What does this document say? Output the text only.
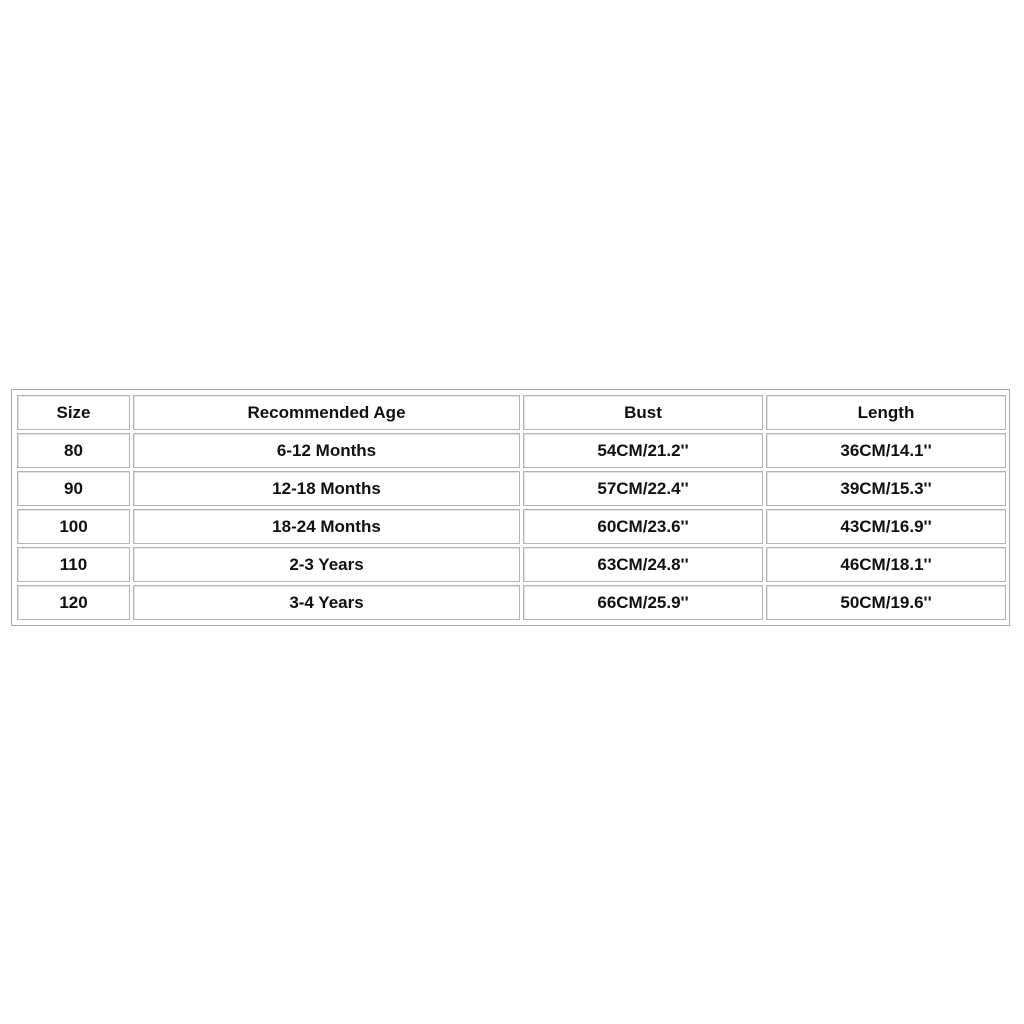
Size	Recommended Age	Bust	Length
80	6-12 Months	54CM/21.2''	36CM/14.1''
90	12-18 Months	57CM/22.4''	39CM/15.3''
100	18-24 Months	60CM/23.6''	43CM/16.9''
110	2-3 Years	63CM/24.8''	46CM/18.1''
120	3-4 Years	66CM/25.9''	50CM/19.6''
